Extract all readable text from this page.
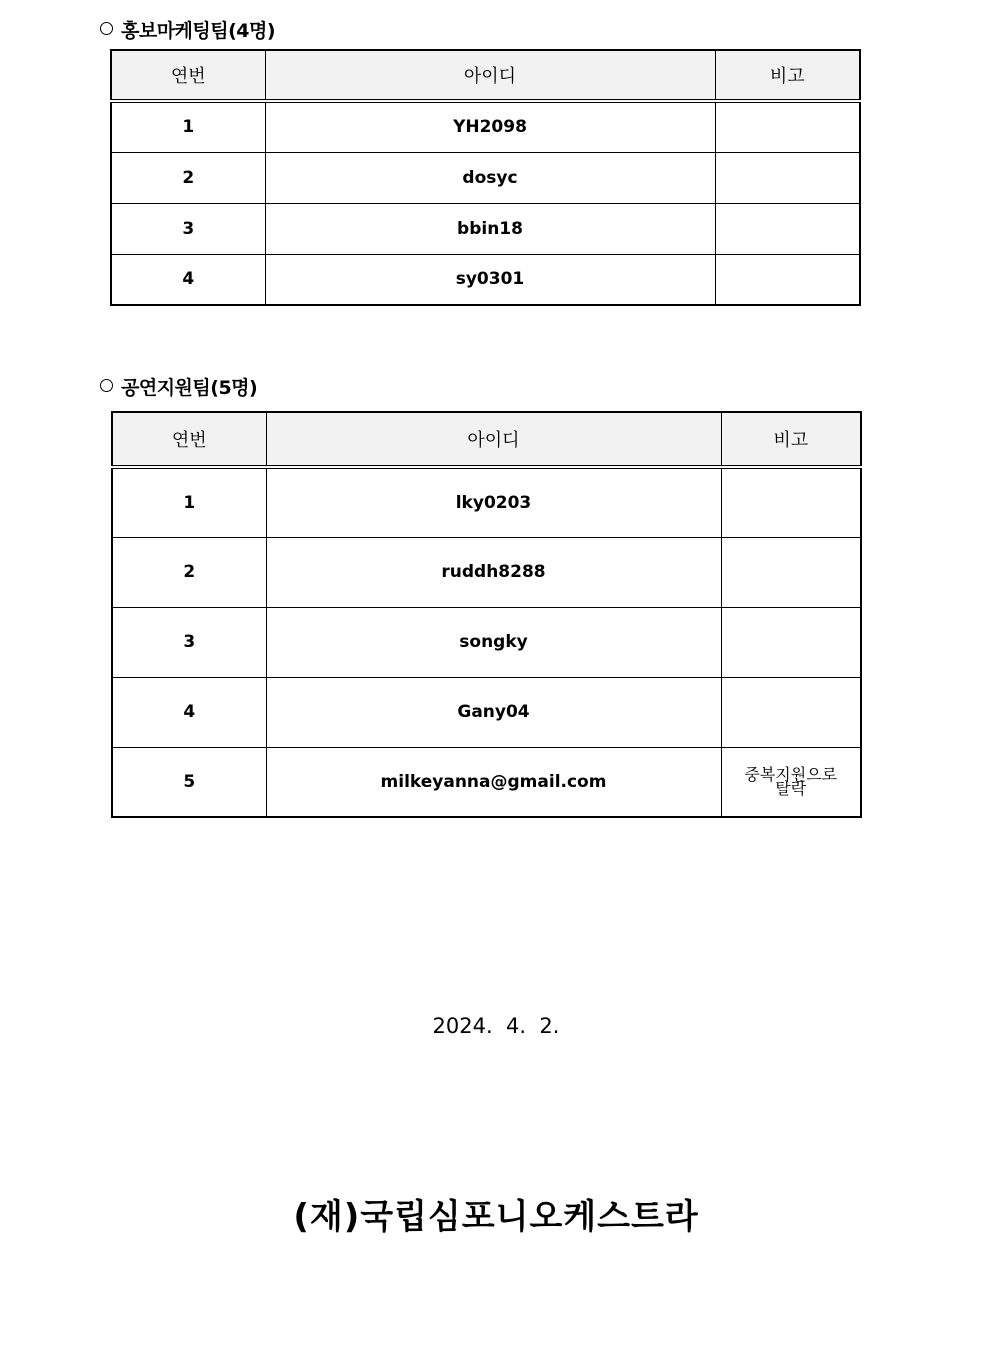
홍보마케팅팀(4명)
연번	아이디	비고
1	YH2098	
2	dosyc	
3	bbin18	
4	sy0301	
공연지원팀(5명)
연번	아이디	비고
1	lky0203	
2	ruddh8288	
3	songky	
4	Gany04	
5	milkeyanna@gmail.com	중복지원으로
탈락
2024.  4.  2.
(재)국립심포니오케스트라
